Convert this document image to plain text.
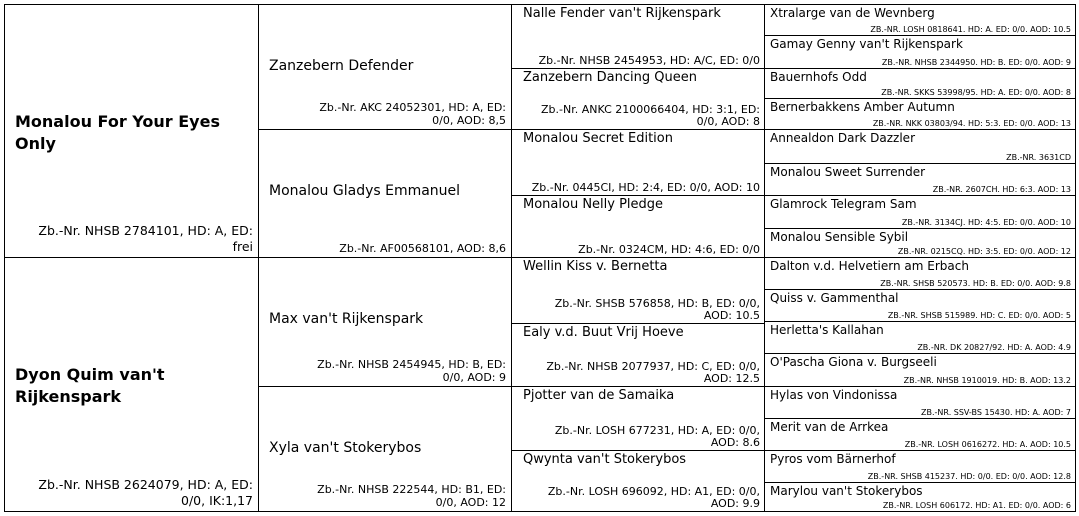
Monalou For Your Eyes Only
Zb.-Nr. NHSB 2784101, HD: A, ED: frei
Dyon Quim van't Rijkenspark
Zb.-Nr. NHSB 2624079, HD: A, ED: 0/0, IK:1,17
Zanzebern Defender
Zb.-Nr. AKC 24052301, HD: A, ED: 0/0, AOD: 8,5
Monalou Gladys Emmanuel
Zb.-Nr. AF00568101, AOD: 8,6
Max van't Rijkenspark
Zb.-Nr. NHSB 2454945, HD: B, ED: 0/0, AOD: 9
Xyla van't Stokerybos
Zb.-Nr. NHSB 222544, HD: B1, ED: 0/0, AOD: 12
Nalle Fender van't Rijkenspark
Zb.-Nr. NHSB 2454953, HD: A/C, ED: 0/0
Zanzebern Dancing Queen
Zb.-Nr. ANKC 2100066404, HD: 3:1, ED: 0/0, AOD: 8
Monalou Secret Edition
Zb.-Nr. 0445CI, HD: 2:4, ED: 0/0, AOD: 10
Monalou Nelly Pledge
Zb.-Nr. 0324CM, HD: 4:6, ED: 0/0
Wellin Kiss v. Bernetta
Zb.-Nr. SHSB 576858, HD: B, ED: 0/0, AOD: 10.5
Ealy v.d. Buut Vrij Hoeve
Zb.-Nr. NHSB 2077937, HD: C, ED: 0/0, AOD: 12.5
Pjotter van de Samaika
Zb.-Nr. LOSH 677231, HD: A, ED: 0/0, AOD: 8.6
Qwynta van't Stokerybos
Zb.-Nr. LOSH 696092, HD: A1, ED: 0/0, AOD: 9.9
Xtralarge van de Wevnberg
ZB.-NR. LOSH 0818641. HD: A. ED: 0/0. AOD: 10.5
Gamay Genny van't Rijkenspark
ZB.-NR. NHSB 2344950. HD: B. ED: 0/0. AOD: 9
Bauernhofs Odd
ZB.-NR. SKKS 53998/95. HD: A. ED: 0/0. AOD: 8
Bernerbakkens Amber Autumn
ZB.-NR. NKK 03803/94. HD: 5:3. ED: 0/0. AOD: 13
Annealdon Dark Dazzler
ZB.-NR. 3631CD
Monalou Sweet Surrender
ZB.-NR. 2607CH. HD: 6:3. AOD: 13
Glamrock Telegram Sam
ZB.-NR. 3134CJ. HD: 4:5. ED: 0/0. AOD: 10
Monalou Sensible Sybil
ZB.-NR. 0215CQ. HD: 3:5. ED: 0/0. AOD: 12
Dalton v.d. Helvetiern am Erbach
ZB.-NR. SHSB 520573. HD: B. ED: 0/0. AOD: 9.8
Quiss v. Gammenthal
ZB.-NR. SHSB 515989. HD: C. ED: 0/0. AOD: 5
Herletta's Kallahan
ZB.-NR. DK 20827/92. HD: A. AOD: 4.9
O'Pascha Giona v. Burgseeli
ZB.-NR. NHSB 1910019. HD: B. AOD: 13.2
Hylas von Vindonissa
ZB.-NR. SSV-BS 15430. HD: A. AOD: 7
Merit van de Arrkea
ZB.-NR. LOSH 0616272. HD: A. AOD: 10.5
Pyros vom Bärnerhof
ZB.-NR. SHSB 415237. HD: 0/0. ED: 0/0. AOD: 12.8
Marylou van't Stokerybos
ZB.-NR. LOSH 606172. HD: A1. ED: 0/0. AOD: 6
